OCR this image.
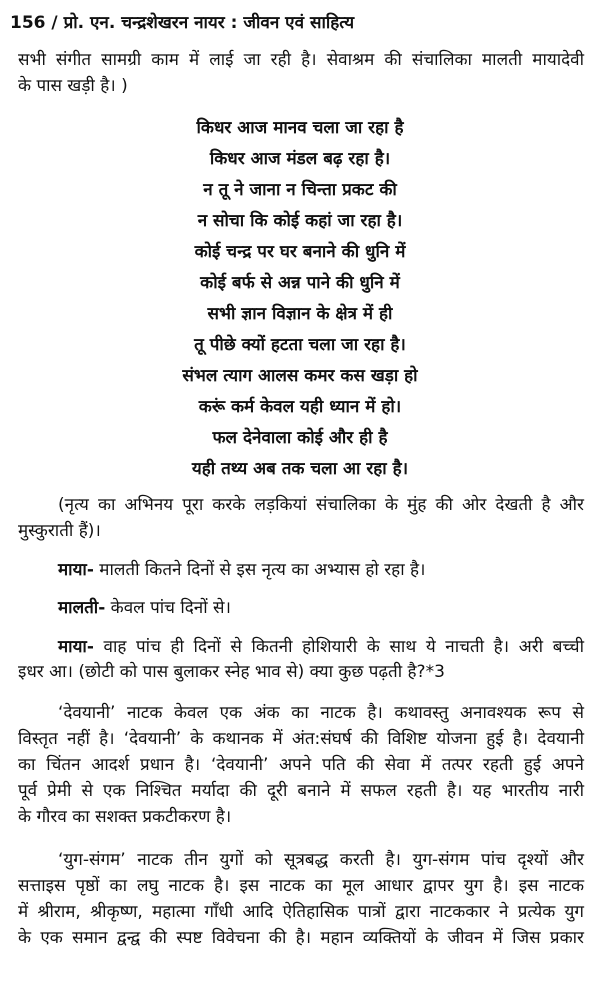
156 / प्रो. एन. चन्द्रशेखरन नायर : जीवन एवं साहित्य
सभी संगीत सामग्री काम में लाई जा रही है। सेवाश्रम की संचालिका मालती मायादेवी
के पास खड़ी है। )
किधर आज मानव चला जा रहा है
किधर आज मंडल बढ़ रहा है।
न तू ने जाना न चिन्ता प्रकट की
न सोचा कि कोई कहां जा रहा है।
कोई चन्द्र पर घर बनाने की धुनि में
कोई बर्फ से अन्न पाने की धुनि में
सभी ज्ञान विज्ञान के क्षेत्र में ही
तू पीछे क्यों हटता चला जा रहा है।
संभल त्याग आलस कमर कस खड़ा हो
करूं कर्म केवल यही ध्यान में हो।
फल देनेवाला कोई और ही है
यही तथ्य अब तक चला आ रहा है।
(नृत्य का अभिनय पूरा करके लड़कियां संचालिका के मुंह की ओर देखती है और
मुस्कुराती हैं)।
माया- मालती कितने दिनों से इस नृत्य का अभ्यास हो रहा है।
मालती- केवल पांच दिनों से।
माया- वाह पांच ही दिनों से कितनी होशियारी के साथ ये नाचती है। अरी बच्ची
इधर आ। (छोटी को पास बुलाकर स्नेह भाव से) क्या कुछ पढ़ती है?*3
‘देवयानी’ नाटक केवल एक अंक का नाटक है। कथावस्तु अनावश्यक रूप से
विस्तृत नहीं है। ‘देवयानी’ के कथानक में अंत:संघर्ष की विशिष्ट योजना हुई है। देवयानी
का चिंतन आदर्श प्रधान है। ‘देवयानी’ अपने पति की सेवा में तत्पर रहती हुई अपने
पूर्व प्रेमी से एक निश्चित मर्यादा की दूरी बनाने में सफल रहती है। यह भारतीय नारी
के गौरव का सशक्त प्रकटीकरण है।
‘युग-संगम’ नाटक तीन युगों को सूत्रबद्ध करती है। युग-संगम पांच दृश्यों और
सत्ताइस पृष्ठों का लघु नाटक है। इस नाटक का मूल आधार द्वापर युग है। इस नाटक
में श्रीराम, श्रीकृष्ण, महात्मा गाँधी आदि ऐतिहासिक पात्रों द्वारा नाटककार ने प्रत्येक युग
के एक समान द्वन्द्व की स्पष्ट विवेचना की है। महान व्यक्तियों के जीवन में जिस प्रकार
